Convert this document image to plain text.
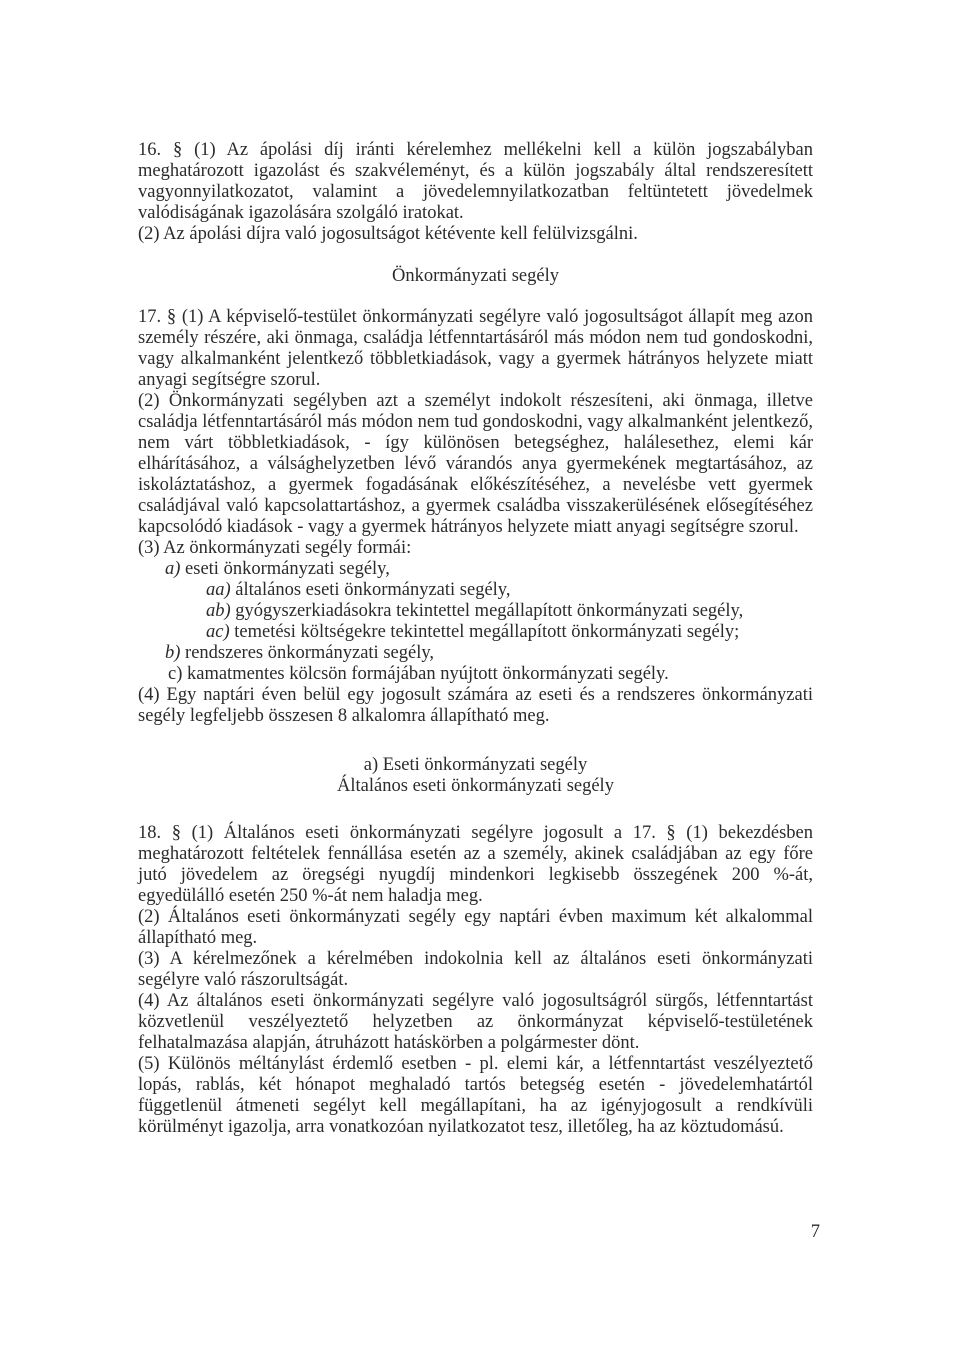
16. § (1) Az ápolási díj iránti kérelemhez mellékelni kell a külön jogszabályban meghatározott igazolást és szakvéleményt, és a külön jogszabály által rendszeresített vagyonnyilatkozatot, valamint a jövedelemnyilatkozatban feltüntetett jövedelmek valódiságának igazolására szolgáló iratokat.

(2) Az ápolási díjra való jogosultságot kétévente kell felülvizsgálni.

Önkormányzati segély

17. § (1) A képviselő-testület önkormányzati segélyre való jogosultságot állapít meg azon személy részére, aki önmaga, családja létfenntartásáról más módon nem tud gondoskodni, vagy alkalmanként jelentkező többletkiadások, vagy a gyermek hátrányos helyzete miatt anyagi segítségre szorul.

(2) Önkormányzati segélyben azt a személyt indokolt részesíteni, aki önmaga, illetve családja létfenntartásáról más módon nem tud gondoskodni, vagy alkalmanként jelentkező, nem várt többletkiadások, - így különösen betegséghez, halálesethez, elemi kár elhárításához, a válsághelyzetben lévő várandós anya gyermekének megtartásához, az iskoláztatáshoz, a gyermek fogadásának előkészítéséhez, a nevelésbe vett gyermek családjával való kapcsolattartáshoz, a gyermek családba visszakerülésének elősegítéséhez kapcsolódó kiadások - vagy a gyermek hátrányos helyzete miatt anyagi segítségre szorul.

(3) Az önkormányzati segély formái:

a) eseti önkormányzati segély,
aa) általános eseti önkormányzati segély,
ab) gyógyszerkiadásokra tekintettel megállapított önkormányzati segély,
ac) temetési költségekre tekintettel megállapított önkormányzati segély;
b) rendszeres önkormányzati segély,
c) kamatmentes kölcsön formájában nyújtott önkormányzati segély.

(4) Egy naptári éven belül egy jogosult számára az eseti és a rendszeres önkormányzati segély legfeljebb összesen 8 alkalomra állapítható meg.

a) Eseti önkormányzati segély
Általános eseti önkormányzati segély

18. § (1) Általános eseti önkormányzati segélyre jogosult a 17. § (1) bekezdésben meghatározott feltételek fennállása esetén az a személy, akinek családjában az egy főre jutó jövedelem az öregségi nyugdíj mindenkori legkisebb összegének 200 %-át, egyedülálló esetén 250 %-át nem haladja meg.

(2) Általános eseti önkormányzati segély egy naptári évben maximum két alkalommal állapítható meg.

(3) A kérelmezőnek a kérelmében indokolnia kell az általános eseti önkormányzati segélyre való rászorultságát.

(4) Az általános eseti önkormányzati segélyre való jogosultságról sürgős, létfenntartást közvetlenül veszélyeztető helyzetben az önkormányzat képviselő-testületének felhatalmazása alapján, átruházott hatáskörben a polgármester dönt.

(5) Különös méltánylást érdemlő esetben - pl. elemi kár, a létfenntartást veszélyeztető lopás, rablás, két hónapot meghaladó tartós betegség esetén - jövedelemhatártól függetlenül átmeneti segélyt kell megállapítani, ha az igényjogosult a rendkívüli körülményt igazolja, arra vonatkozóan nyilatkozatot tesz, illetőleg, ha az köztudomású.

7
